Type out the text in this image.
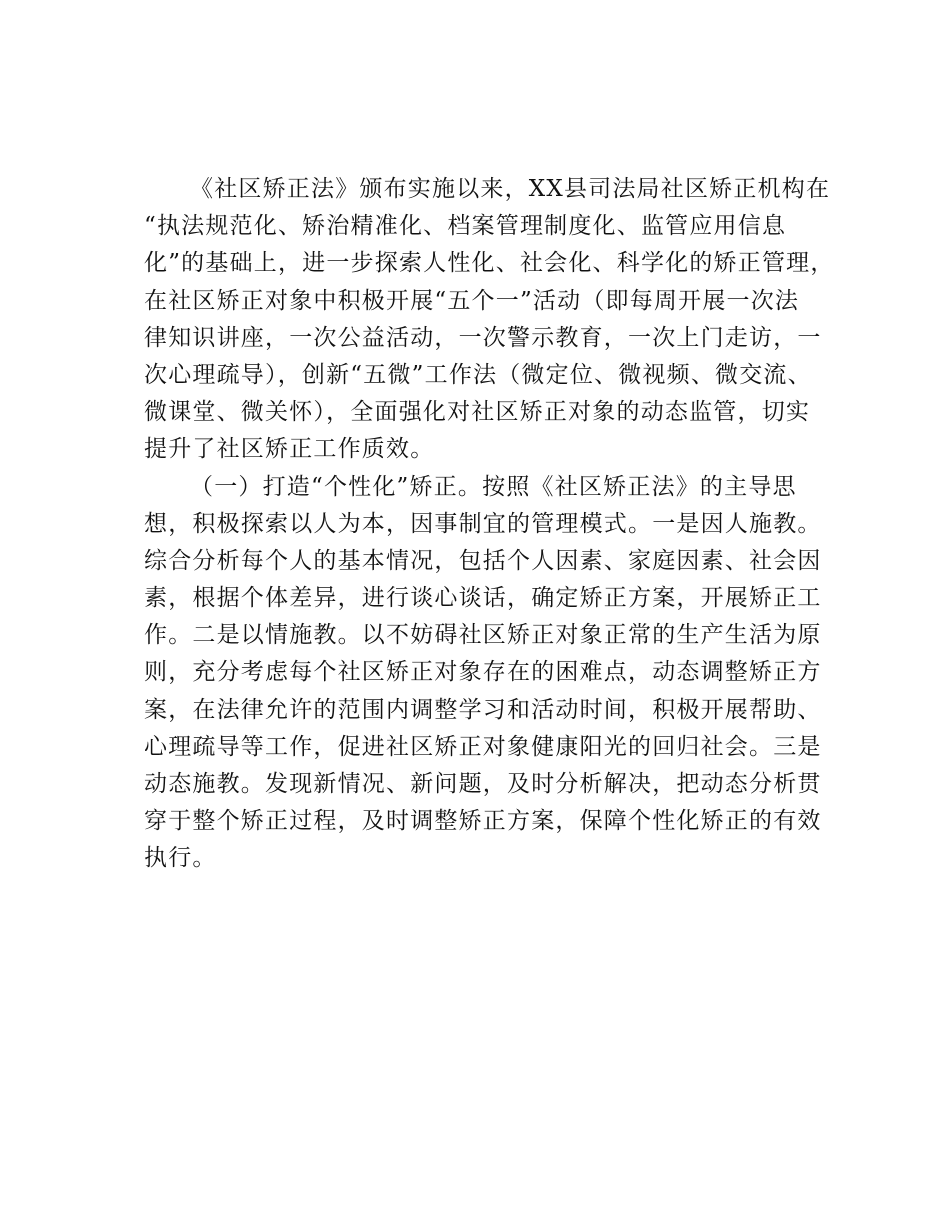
《社区矫正法》颁布实施以来，XX县司法局社区矫正机构在
“执法规范化、矫治精准化、档案管理制度化、监管应用信息
化”的基础上，进一步探索人性化、社会化、科学化的矫正管理，
在社区矫正对象中积极开展“五个一”活动（即每周开展一次法
律知识讲座，一次公益活动，一次警示教育，一次上门走访，一
次心理疏导），创新“五微”工作法（微定位、微视频、微交流、
微课堂、微关怀），全面强化对社区矫正对象的动态监管，切实
提升了社区矫正工作质效。
（一）打造“个性化”矫正。按照《社区矫正法》的主导思
想，积极探索以人为本，因事制宜的管理模式。一是因人施教。
综合分析每个人的基本情况，包括个人因素、家庭因素、社会因
素，根据个体差异，进行谈心谈话，确定矫正方案，开展矫正工
作。二是以情施教。以不妨碍社区矫正对象正常的生产生活为原
则，充分考虑每个社区矫正对象存在的困难点，动态调整矫正方
案，在法律允许的范围内调整学习和活动时间，积极开展帮助、
心理疏导等工作，促进社区矫正对象健康阳光的回归社会。三是
动态施教。发现新情况、新问题，及时分析解决，把动态分析贯
穿于整个矫正过程，及时调整矫正方案，保障个性化矫正的有效
执行。
